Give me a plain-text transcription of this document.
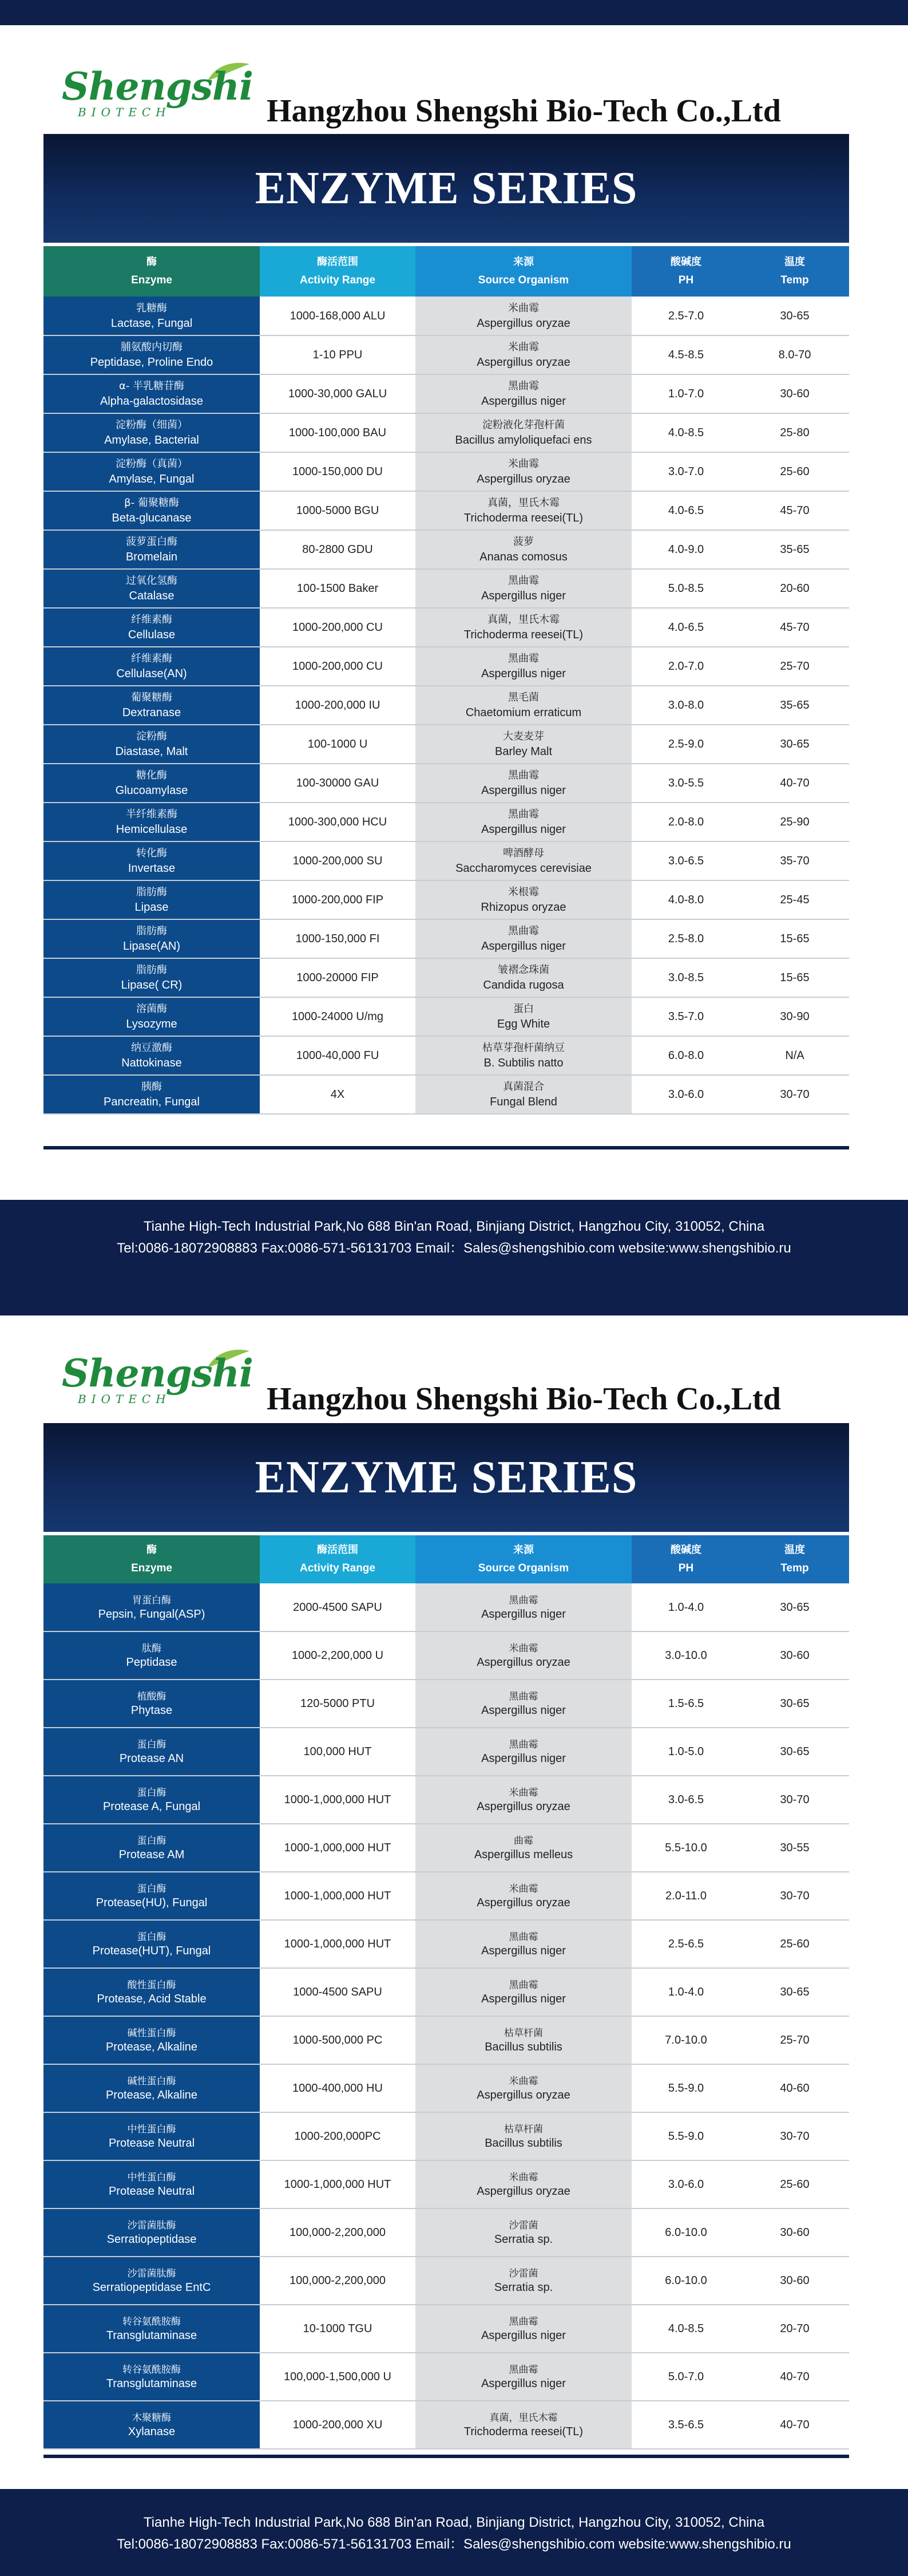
Shengshi
BIOTECH	Hangzhou Shengshi Bio-Tech Co.,Ltd
ENZYME SERIES
酶
Enzyme	酶活范围
Activity Range	来源
Source Organism	酸碱度
PH	温度
Temp

乳糖酶
Lactase, Fungal	1000-168,000 ALU	米曲霉
Aspergillus oryzae	2.5-7.0	30-65

脯氨酸内切酶
Peptidase, Proline Endo	1-10 PPU	米曲霉
Aspergillus oryzae	4.5-8.5	8.0-70

α- 半乳糖苷酶
Alpha-galactosidase	1000-30,000 GALU	黑曲霉
Aspergillus niger	1.0-7.0	30-60

淀粉酶（细菌）
Amylase, Bacterial	1000-100,000 BAU	淀粉液化芽孢杆菌
Bacillus amyloliquefaci ens	4.0-8.5	25-80

淀粉酶（真菌）
Amylase, Fungal	1000-150,000 DU	米曲霉
Aspergillus oryzae	3.0-7.0	25-60

β- 葡聚糖酶
Beta-glucanase	1000-5000 BGU	真菌，里氏木霉
Trichoderma reesei(TL)	4.0-6.5	45-70

菠萝蛋白酶
Bromelain	80-2800 GDU	菠萝
Ananas comosus	4.0-9.0	35-65

过氧化氢酶
Catalase	100-1500 Baker	黑曲霉
Aspergillus niger	5.0-8.5	20-60

纤维素酶
Cellulase	1000-200,000 CU	真菌，里氏木霉
Trichoderma reesei(TL)	4.0-6.5	45-70

纤维素酶
Cellulase(AN)	1000-200,000 CU	黑曲霉
Aspergillus niger	2.0-7.0	25-70

葡聚糖酶
Dextranase	1000-200,000 IU	黑毛菌
Chaetomium erraticum	3.0-8.0	35-65

淀粉酶
Diastase, Malt	100-1000 U	大麦麦芽
Barley Malt	2.5-9.0	30-65

糖化酶
Glucoamylase	100-30000 GAU	黑曲霉
Aspergillus niger	3.0-5.5	40-70

半纤维素酶
Hemicellulase	1000-300,000 HCU	黑曲霉
Aspergillus niger	2.0-8.0	25-90

转化酶
Invertase	1000-200,000 SU	啤酒酵母
Saccharomyces cerevisiae	3.0-6.5	35-70

脂肪酶
Lipase	1000-200,000 FIP	米根霉
Rhizopus oryzae	4.0-8.0	25-45

脂肪酶
Lipase(AN)	1000-150,000 FI	黑曲霉
Aspergillus niger	2.5-8.0	15-65

脂肪酶
Lipase( CR)	1000-20000 FIP	皱褶念珠菌
Candida rugosa	3.0-8.5	15-65

溶菌酶
Lysozyme	1000-24000 U/mg	蛋白
Egg White	3.5-7.0	30-90

纳豆激酶
Nattokinase	1000-40,000 FU	枯草芽孢杆菌纳豆
B. Subtilis natto	6.0-8.0	N/A

胰酶
Pancreatin, Fungal	4X	真菌混合
Fungal Blend	3.0-6.0	30-70
Tianhe High-Tech Industrial Park,No 688 Bin'an Road, Binjiang District, Hangzhou City, 310052, China
Tel:0086-18072908883 Fax:0086-571-56131703 Email：Sales@shengshibio.com website:www.shengshibio.ru
Shengshi
BIOTECH	Hangzhou Shengshi Bio-Tech Co.,Ltd
ENZYME SERIES
酶
Enzyme	酶活范围
Activity Range	来源
Source Organism	酸碱度
PH	温度
Temp

胃蛋白酶
Pepsin, Fungal(ASP)	2000-4500 SAPU	黑曲霉
Aspergillus niger	1.0-4.0	30-65

肽酶
Peptidase	1000-2,200,000 U	米曲霉
Aspergillus oryzae	3.0-10.0	30-60

植酸酶
Phytase	120-5000 PTU	黑曲霉
Aspergillus niger	1.5-6.5	30-65

蛋白酶
Protease AN	100,000 HUT	黑曲霉
Aspergillus niger	1.0-5.0	30-65

蛋白酶
Protease A, Fungal	1000-1,000,000 HUT	米曲霉
Aspergillus oryzae	3.0-6.5	30-70

蛋白酶
Protease AM	1000-1,000,000 HUT	曲霉
Aspergillus melleus	5.5-10.0	30-55

蛋白酶
Protease(HU), Fungal	1000-1,000,000 HUT	米曲霉
Aspergillus oryzae	2.0-11.0	30-70

蛋白酶
Protease(HUT), Fungal	1000-1,000,000 HUT	黑曲霉
Aspergillus niger	2.5-6.5	25-60

酸性蛋白酶
Protease, Acid Stable	1000-4500 SAPU	黑曲霉
Aspergillus niger	1.0-4.0	30-65

碱性蛋白酶
Protease, Alkaline	1000-500,000 PC	枯草杆菌
Bacillus subtilis	7.0-10.0	25-70

碱性蛋白酶
Protease, Alkaline	1000-400,000 HU	米曲霉
Aspergillus oryzae	5.5-9.0	40-60

中性蛋白酶
Protease Neutral	1000-200,000PC	枯草杆菌
Bacillus subtilis	5.5-9.0	30-70

中性蛋白酶
Protease Neutral	1000-1,000,000 HUT	米曲霉
Aspergillus oryzae	3.0-6.0	25-60

沙雷菌肽酶
Serratiopeptidase	100,000-2,200,000	沙雷菌
Serratia sp.	6.0-10.0	30-60

沙雷菌肽酶
Serratiopeptidase EntC	100,000-2,200,000	沙雷菌
Serratia sp.	6.0-10.0	30-60

转谷氨酰胺酶
Transglutaminase	10-1000 TGU	黑曲霉
Aspergillus niger	4.0-8.5	20-70

转谷氨酰胺酶
Transglutaminase	100,000-1,500,000 U	黑曲霉
Aspergillus niger	5.0-7.0	40-70

木聚糖酶
Xylanase	1000-200,000 XU	真菌，里氏木霉
Trichoderma reesei(TL)	3.5-6.5	40-70
Tianhe High-Tech Industrial Park,No 688 Bin'an Road, Binjiang District, Hangzhou City, 310052, China
Tel:0086-18072908883 Fax:0086-571-56131703 Email：Sales@shengshibio.com website:www.shengshibio.ru
